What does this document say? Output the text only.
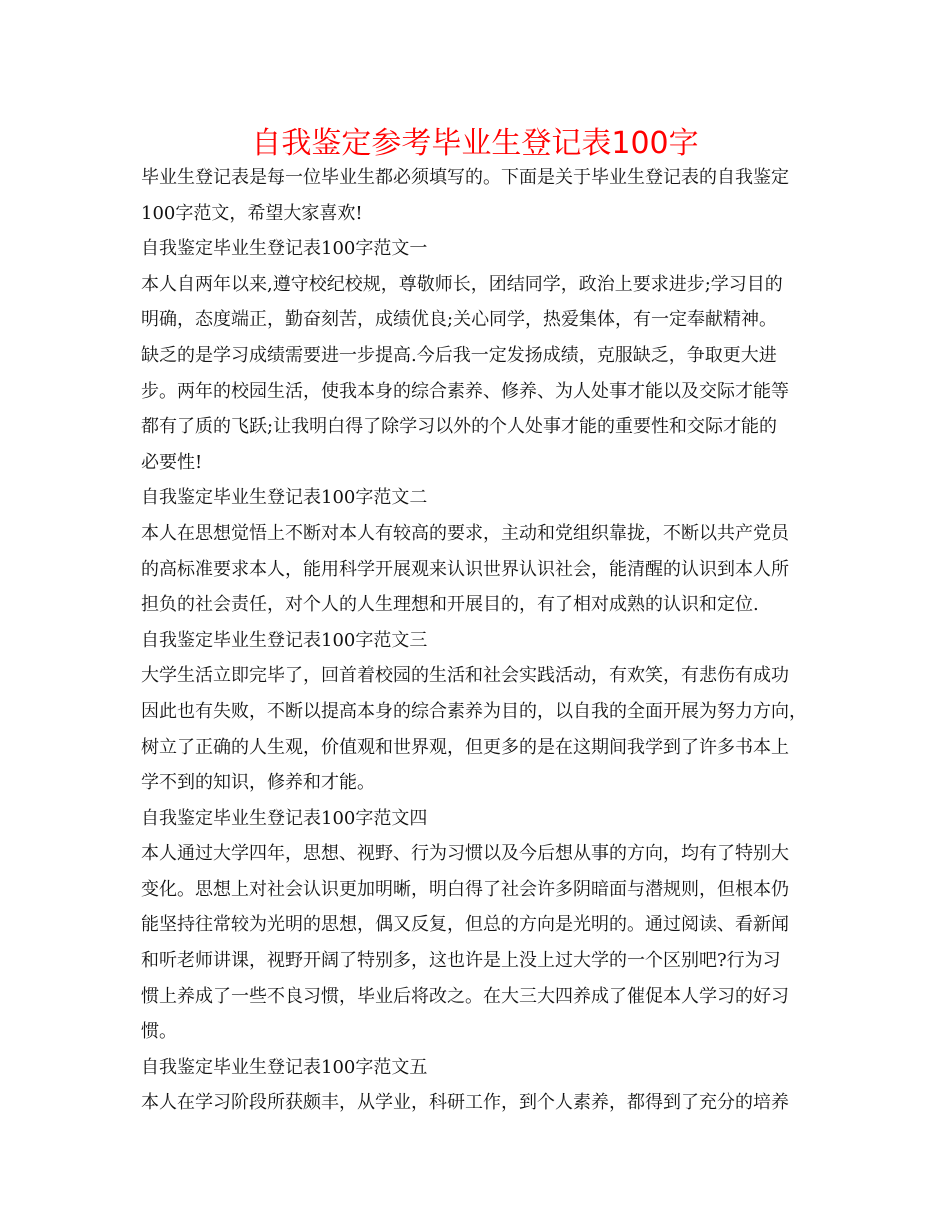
自我鉴定参考毕业生登记表100字
毕业生登记表是每一位毕业生都必须填写的。下面是关于毕业生登记表的自我鉴定
100字范文，希望大家喜欢!
自我鉴定毕业生登记表100字范文一
本人自两年以来,遵守校纪校规，尊敬师长，团结同学，政治上要求进步;学习目的
明确，态度端正，勤奋刻苦，成绩优良;关心同学，热爱集体，有一定奉献精神。
缺乏的是学习成绩需要进一步提高.今后我一定发扬成绩，克服缺乏，争取更大进
步。两年的校园生活，使我本身的综合素养、修养、为人处事才能以及交际才能等
都有了质的飞跃;让我明白得了除学习以外的个人处事才能的重要性和交际才能的
必要性!
自我鉴定毕业生登记表100字范文二
本人在思想觉悟上不断对本人有较高的要求，主动和党组织靠拢，不断以共产党员
的高标准要求本人，能用科学开展观来认识世界认识社会，能清醒的认识到本人所
担负的社会责任，对个人的人生理想和开展目的，有了相对成熟的认识和定位.
自我鉴定毕业生登记表100字范文三
大学生活立即完毕了，回首着校园的生活和社会实践活动，有欢笑，有悲伤有成功
因此也有失败，不断以提高本身的综合素养为目的，以自我的全面开展为努力方向，
树立了正确的人生观，价值观和世界观，但更多的是在这期间我学到了许多书本上
学不到的知识，修养和才能。
自我鉴定毕业生登记表100字范文四
本人通过大学四年，思想、视野、行为习惯以及今后想从事的方向，均有了特别大
变化。思想上对社会认识更加明晰，明白得了社会许多阴暗面与潜规则，但根本仍
能坚持往常较为光明的思想，偶又反复，但总的方向是光明的。通过阅读、看新闻
和听老师讲课，视野开阔了特别多，这也许是上没上过大学的一个区别吧?行为习
惯上养成了一些不良习惯，毕业后将改之。在大三大四养成了催促本人学习的好习
惯。
自我鉴定毕业生登记表100字范文五
本人在学习阶段所获颇丰，从学业，科研工作，到个人素养，都得到了充分的培养
